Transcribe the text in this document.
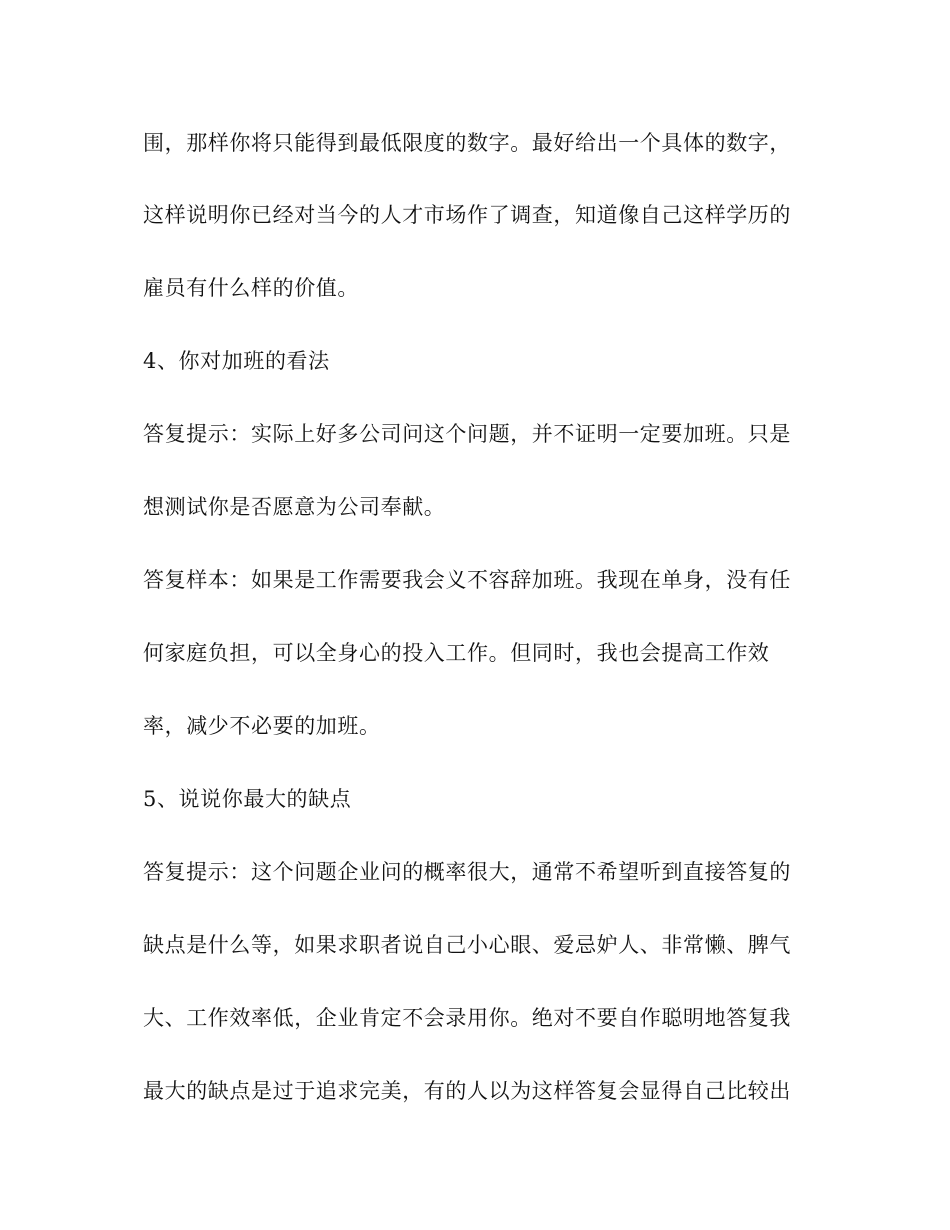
围，那样你将只能得到最低限度的数字。最好给出一个具体的数字，
这样说明你已经对当今的人才市场作了调查，知道像自己这样学历的
雇员有什么样的价值。
4、你对加班的看法
答复提示：实际上好多公司问这个问题，并不证明一定要加班。只是
想测试你是否愿意为公司奉献。
答复样本：如果是工作需要我会义不容辞加班。我现在单身，没有任
何家庭负担，可以全身心的投入工作。但同时，我也会提高工作效
率，减少不必要的加班。
5、说说你最大的缺点
答复提示：这个问题企业问的概率很大，通常不希望听到直接答复的
缺点是什么等，如果求职者说自己小心眼、爱忌妒人、非常懒、脾气
大、工作效率低，企业肯定不会录用你。绝对不要自作聪明地答复我
最大的缺点是过于追求完美，有的人以为这样答复会显得自己比较出
